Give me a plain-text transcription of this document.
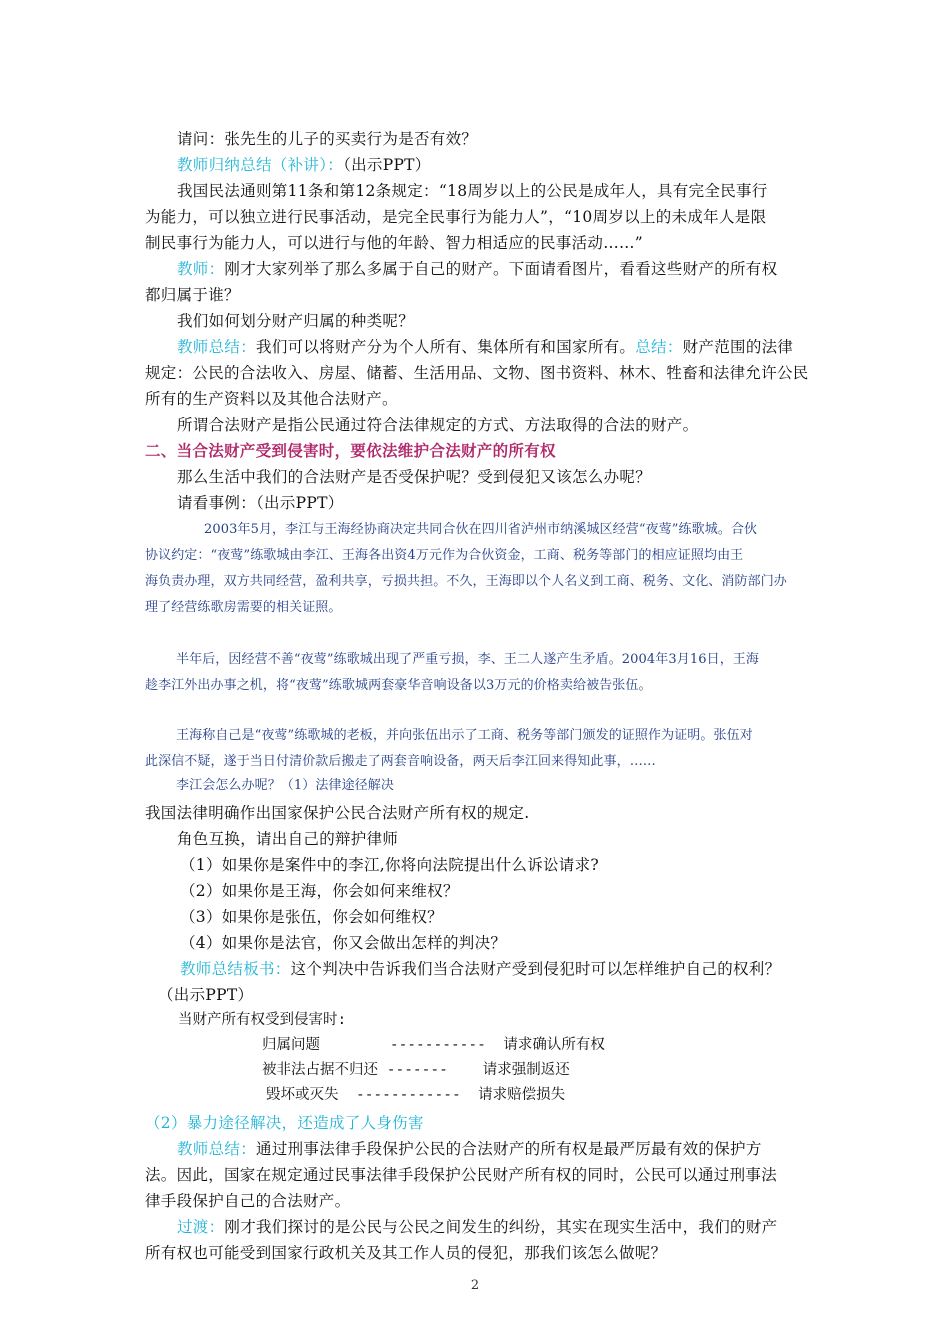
请问：张先生的儿子的买卖行为是否有效？
教师归纳总结（补讲）：（出示PPT）
我国民法通则第11条和第12条规定：“18周岁以上的公民是成年人，具有完全民事行
为能力，可以独立进行民事活动，是完全民事行为能力人”，“10周岁以上的未成年人是限
制民事行为能力人，可以进行与他的年龄、智力相适应的民事活动……”
教师：刚才大家列举了那么多属于自己的财产。下面请看图片，看看这些财产的所有权
都归属于谁？
我们如何划分财产归属的种类呢？
教师总结：我们可以将财产分为个人所有、集体所有和国家所有。总结：财产范围的法律
规定：公民的合法收入、房屋、储蓄、生活用品、文物、图书资料、林木、牲畜和法律允许公民
所有的生产资料以及其他合法财产。
所谓合法财产是指公民通过符合法律规定的方式、方法取得的合法的财产。
二、当合法财产受到侵害时，要依法维护合法财产的所有权
那么生活中我们的合法财产是否受保护呢？受到侵犯又该怎么办呢？
请看事例：（出示PPT）
2003年5月，李江与王海经协商决定共同合伙在四川省泸州市纳溪城区经营“夜莺”练歌城。合伙
协议约定：“夜莺”练歌城由李江、王海各出资4万元作为合伙资金，工商、税务等部门的相应证照均由王
海负责办理，双方共同经营，盈利共享，亏损共担。不久，王海即以个人名义到工商、税务、文化、消防部门办
理了经营练歌房需要的相关证照。
半年后，因经营不善“夜莺”练歌城出现了严重亏损，李、王二人遂产生矛盾。2004年3月16日，王海
趁李江外出办事之机，将“夜莺”练歌城两套豪华音响设备以3万元的价格卖给被告张伍。
王海称自己是“夜莺”练歌城的老板，并向张伍出示了工商、税务等部门颁发的证照作为证明。张伍对
此深信不疑，遂于当日付清价款后搬走了两套音响设备，两天后李江回来得知此事，……
李江会怎么办呢？（1）法律途径解决
我国法律明确作出国家保护公民合法财产所有权的规定.
角色互换，请出自己的辩护律师
（1）如果你是案件中的李江,你将向法院提出什么诉讼请求?
（2）如果你是王海，你会如何来维权？
（3）如果你是张伍，你会如何维权？
（4）如果你是法官，你又会做出怎样的判决？
教师总结板书：这个判决中告诉我们当合法财产受到侵犯时可以怎样维护自己的权利？
（出示PPT）
当财产所有权受到侵害时:
归属问题        -----------  请求确认所有权
被非法占据不归还 -------    请求强制返还
毁坏或灭失  ------------  请求赔偿损失
（2）暴力途径解决，还造成了人身伤害
教师总结：通过刑事法律手段保护公民的合法财产的所有权是最严厉最有效的保护方
法。因此，国家在规定通过民事法律手段保护公民财产所有权的同时，公民可以通过刑事法
律手段保护自己的合法财产。
过渡：刚才我们探讨的是公民与公民之间发生的纠纷，其实在现实生活中，我们的财产
所有权也可能受到国家行政机关及其工作人员的侵犯，那我们该怎么做呢？
2
